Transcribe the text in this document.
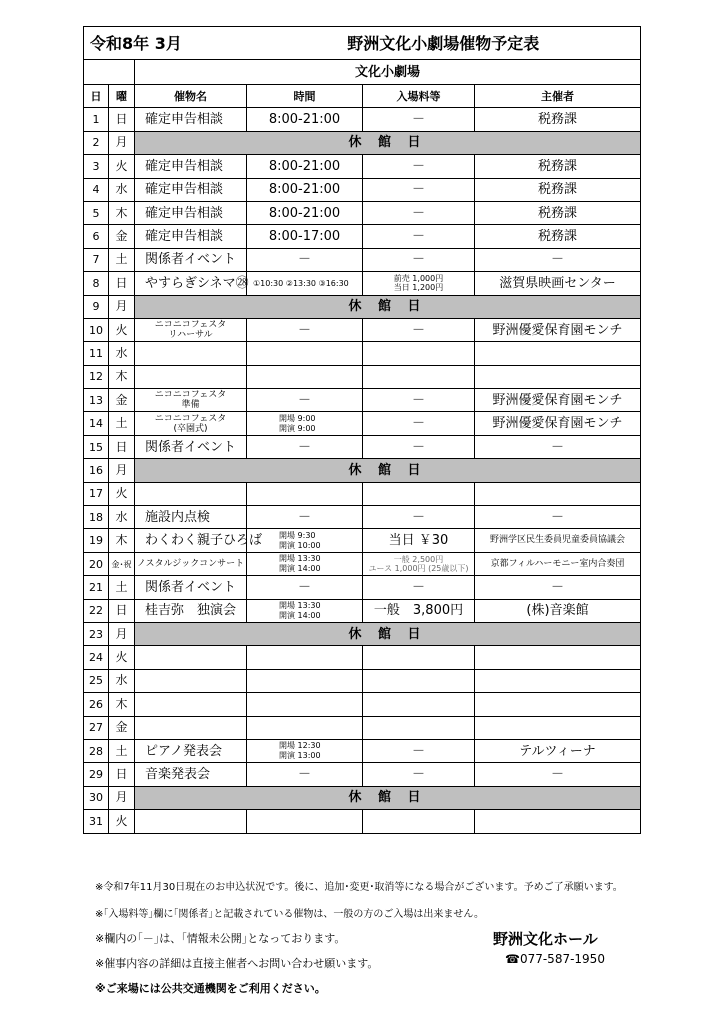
令和8年 3月			野洲文化小劇場催物予定表		
		文化小劇場			
日	曜	催物名	時間	入場料等	主催者
1	日	確定申告相談	8:00-21:00	－	税務課
2	月	休 館 日			
3	火	確定申告相談	8:00-21:00	－	税務課
4	水	確定申告相談	8:00-21:00	－	税務課
5	木	確定申告相談	8:00-21:00	－	税務課
6	金	確定申告相談	8:00-17:00	－	税務課
7	土	関係者イベント	－	－	－
8	日	やすらぎシネマ㉘	①10:30 ②13:30 ③16:30	前売 1,000円
当日 1,200円	滋賀県映画センター
9	月	休 館 日			
10	火	ニコニコフェスタ
リハーサル	－	－	野洲優愛保育園モンチ
11	水				
12	木				
13	金	ニコニコフェスタ
準備	－	－	野洲優愛保育園モンチ
14	土	ニコニコフェスタ
(卒園式)	開場 9:00
開演 9:00	－	野洲優愛保育園モンチ
15	日	関係者イベント	－	－	－
16	月	休 館 日			
17	火				
18	水	施設内点検	－	－	－
19	木	わくわく親子ひろば	開場 9:30
開演 10:00	当日 ￥30	野洲学区民生委員児童委員協議会
20	金･祝	ノスタルジックコンサート	開場 13:30
開演 14:00	一般 2,500円
ユース 1,000円 (25歳以下)	京都フィルハーモニー室内合奏団
21	土	関係者イベント	－	－	－
22	日	桂吉弥　独演会	開場 13:30
開演 14:00	一般　3,800円	(株)音楽館
23	月	休 館 日			
24	火				
25	水				
26	木				
27	金				
28	土	ピアノ発表会	開場 12:30
開演 13:00	－	テルツィーナ
29	日	音楽発表会	－	－	－
30	月	休 館 日			
31	火				
※令和7年11月30日現在のお申込状況です。後に、追加･変更･取消等になる場合がございます。予めご了承願います。
※｢入場料等｣欄に｢関係者｣と記載されている催物は、一般の方のご入場は出来ません。
※欄内の｢－｣は、｢情報未公開｣となっております。
※催事内容の詳細は直接主催者へお問い合わせ願います。
※ご来場には公共交通機関をご利用ください。
野洲文化ホール
☎077-587-1950
